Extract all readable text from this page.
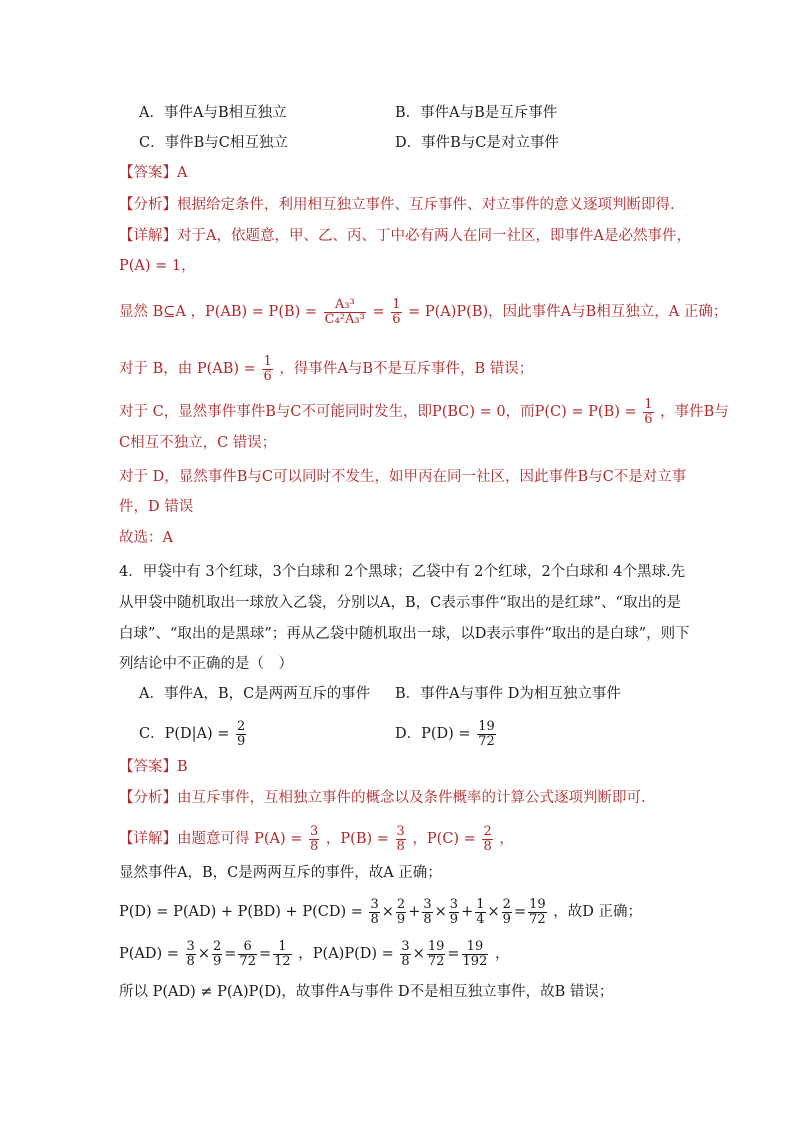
A．事件A与B相互独立	B．事件A与B是互斥事件
C．事件B与C相互独立	D．事件B与C是对立事件
【答案】A
【分析】根据给定条件，利用相互独立事件、互斥事件、对立事件的意义逐项判断即得.
【详解】对于A，依题意，甲、乙、丙、丁中必有两人在同一社区，即事件A是必然事件，
P(A) = 1，
显然 B⊆A ，$P(AB) = P(B) = \frac{\text{A₃³}}{\text{C₄²A₃³}} = \frac{1}{6} = P(A)P(B)$，因此事件A与B相互独立，A 正确；
对于 B，由 $P(AB) = \frac{1}{6}$ ，得事件A与B不是互斥事件，B 错误；
对于 C，显然事件事件B与C不可能同时发生，即P(BC) = 0，而$P(C) = P(B) = \frac{1}{6}$ ，事件B与
C相互不独立，C 错误；
对于 D，显然事件B与C可以同时不发生，如甲丙在同一社区，因此事件B与C不是对立事
件，D 错误
故选：A
4．甲袋中有 3个红球，3个白球和 2个黑球；乙袋中有 2个红球，2个白球和 4个黑球.先
从甲袋中随机取出一球放入乙袋，分别以A，B，C表示事件“取出的是红球”、“取出的是
白球”、“取出的是黑球”；再从乙袋中随机取出一球，以D表示事件“取出的是白球”，则下
列结论中不正确的是（　）
A．事件A，B，C是两两互斥的事件 B．事件A与事件 D为相互独立事件
C．$P(D|A) = \frac{2}{9}$	D．$P(D) = \frac{19}{72}$
【答案】B
【分析】由互斥事件，互相独立事件的概念以及条件概率的计算公式逐项判断即可.
【详解】由题意可得 $P(A) = \frac{3}{8}$ ，$P(B) = \frac{3}{8}$ ，$P(C) = \frac{2}{8}$ ，
显然事件A，B，C是两两互斥的事件，故A 正确；
$P(D) = P(AD) + P(BD) + P(CD) = \frac{3}{8} \times \frac{2}{9} + \frac{3}{8} \times \frac{3}{9} + \frac{1}{4} \times \frac{2}{9} = \frac{19}{72}$ ，故D 正确；
$P(AD) = \frac{3}{8} \times \frac{2}{9} = \frac{6}{72} = \frac{1}{12}$ ，$P(A)P(D) = \frac{3}{8} \times \frac{19}{72} = \frac{19}{192}$ ，
所以 P(AD) ≠ P(A)P(D)，故事件A与事件 D不是相互独立事件，故B 错误；
